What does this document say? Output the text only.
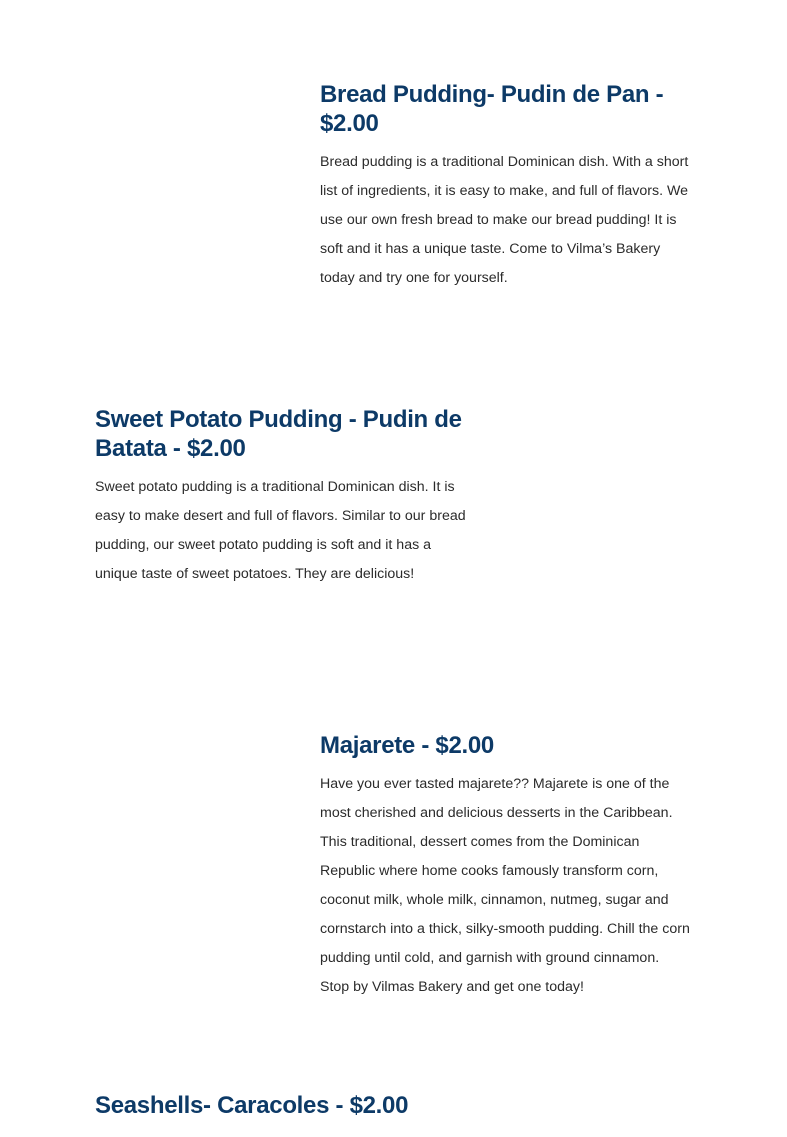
Bread Pudding- Pudin de Pan - $2.00

Bread pudding is a traditional Dominican dish. With a short list of ingredients, it is easy to make, and full of flavors. We use our own fresh bread to make our bread pudding! It is soft and it has a unique taste. Come to Vilma’s Bakery today and try one for yourself.

Sweet Potato Pudding - Pudin de Batata - $2.00

Sweet potato pudding is a traditional Dominican dish. It is easy to make desert and full of flavors. Similar to our bread pudding, our sweet potato pudding is soft and it has a unique taste of sweet potatoes. They are delicious!

Majarete - $2.00

Have you ever tasted majarete?? Majarete is one of the most cherished and delicious desserts in the Caribbean. This traditional, dessert comes from the Dominican Republic where home cooks famously transform corn, coconut milk, whole milk, cinnamon, nutmeg, sugar and cornstarch into a thick, silky-smooth pudding. Chill the corn pudding until cold, and garnish with ground cinnamon.

Stop by Vilmas Bakery and get one today!

Seashells- Caracoles - $2.00
